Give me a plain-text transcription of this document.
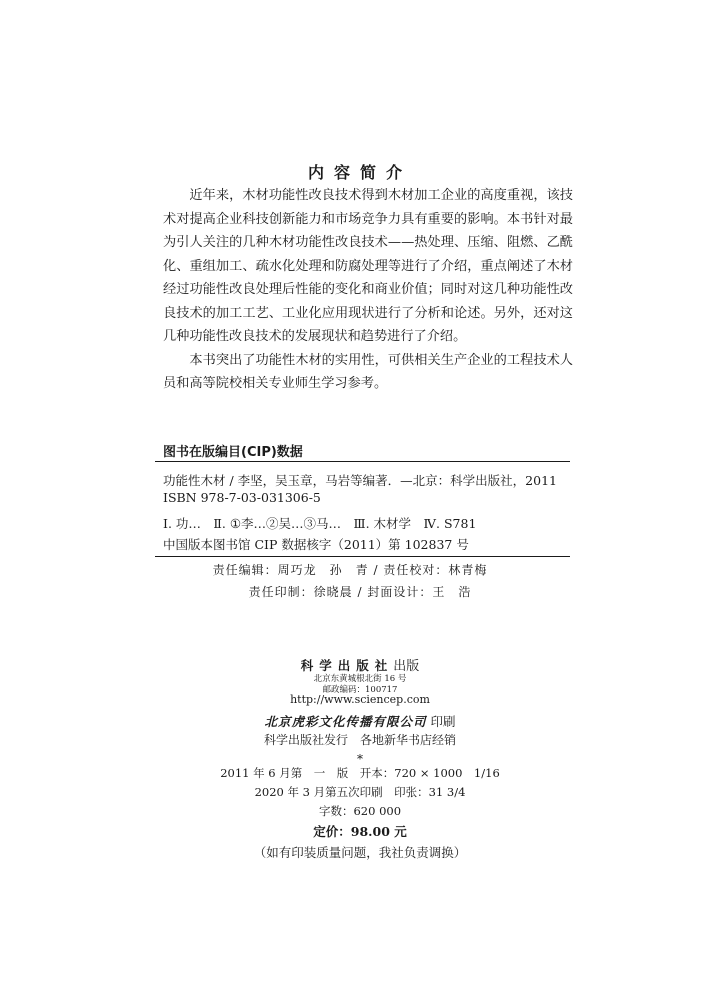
内容简介

近年来，木材功能性改良技术得到木材加工企业的高度重视，该技术对提高企业科技创新能力和市场竞争力具有重要的影响。本书针对最为引人关注的几种木材功能性改良技术——热处理、压缩、阻燃、乙酰化、重组加工、疏水化处理和防腐处理等进行了介绍，重点阐述了木材经过功能性改良处理后性能的变化和商业价值；同时对这几种功能性改良技术的加工工艺、工业化应用现状进行了分析和论述。另外，还对这几种功能性改良技术的发展现状和趋势进行了介绍。

本书突出了功能性木材的实用性，可供相关生产企业的工程技术人员和高等院校相关专业师生学习参考。

图书在版编目(CIP)数据
功能性木材 / 李坚，吴玉章，马岩等编著．—北京：科学出版社，2011
ISBN 978-7-03-031306-5
Ⅰ. 功…　Ⅱ. ①李…②吴…③马…　Ⅲ. 木材学　Ⅳ. S781
中国版本图书馆 CIP 数据核字（2011）第 102837 号
责任编辑：周巧龙　孙　青 / 责任校对：林青梅
责任印制：徐晓晨 / 封面设计：王　浩
科学出版社出版
北京东黄城根北街 16 号
邮政编码：100717
http://www.sciencep.com
北京虎彩文化传播有限公司 印刷
科学出版社发行　各地新华书店经销
*
2011 年 6 月第　一　版　开本：720 × 1000　1/16
2020 年 3 月第五次印刷　印张：31 3/4
字数：620 000
定价：98.00 元
（如有印装质量问题，我社负责调换）
